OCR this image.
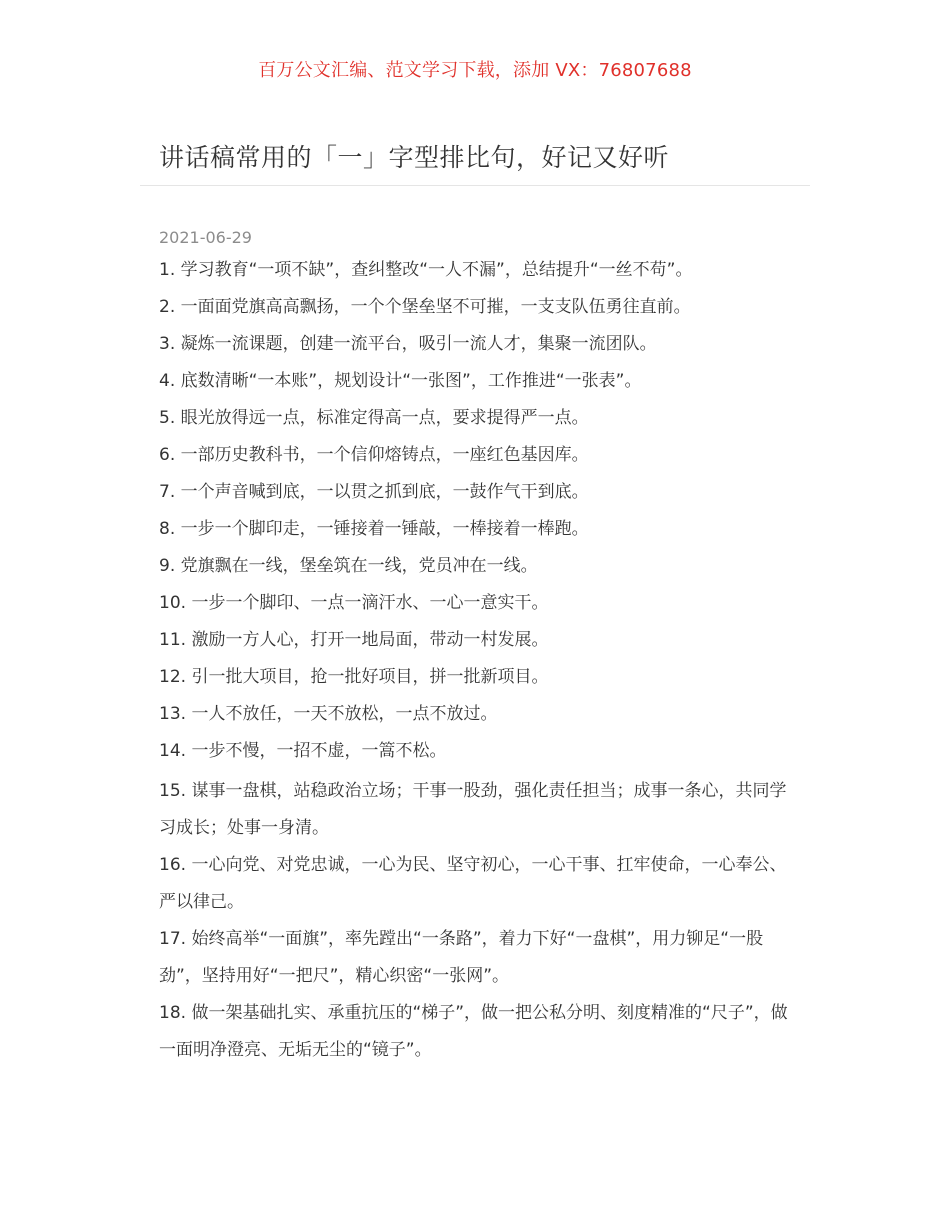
百万公文汇编、范文学习下载，添加 VX：76807688
讲话稿常用的「一」字型排比句，好记又好听
2021-06-29

1. 学习教育“一项不缺”，查纠整改“一人不漏”，总结提升“一丝不苟”。

2. 一面面党旗高高飘扬，一个个堡垒坚不可摧，一支支队伍勇往直前。

3. 凝炼一流课题，创建一流平台，吸引一流人才，集聚一流团队。

4. 底数清晰“一本账”，规划设计“一张图”，工作推进“一张表”。

5. 眼光放得远一点，标准定得高一点，要求提得严一点。

6. 一部历史教科书，一个信仰熔铸点，一座红色基因库。

7. 一个声音喊到底，一以贯之抓到底，一鼓作气干到底。

8. 一步一个脚印走，一锤接着一锤敲，一棒接着一棒跑。

9. 党旗飘在一线，堡垒筑在一线，党员冲在一线。

10. 一步一个脚印、一点一滴汗水、一心一意实干。

11. 激励一方人心，打开一地局面，带动一村发展。

12. 引一批大项目，抢一批好项目，拼一批新项目。

13. 一人不放任，一天不放松，一点不放过。

14. 一步不慢，一招不虚，一篙不松。

15. 谋事一盘棋，站稳政治立场；干事一股劲，强化责任担当；成事一条心，共同学习成长；处事一身清。

16. 一心向党、对党忠诚，一心为民、坚守初心，一心干事、扛牢使命，一心奉公、严以律己。

17. 始终高举“一面旗”，率先蹚出“一条路”，着力下好“一盘棋”，用力铆足“一股劲”，坚持用好“一把尺”，精心织密“一张网”。

18. 做一架基础扎实、承重抗压的“梯子”，做一把公私分明、刻度精准的“尺子”，做一面明净澄亮、无垢无尘的“镜子”。
